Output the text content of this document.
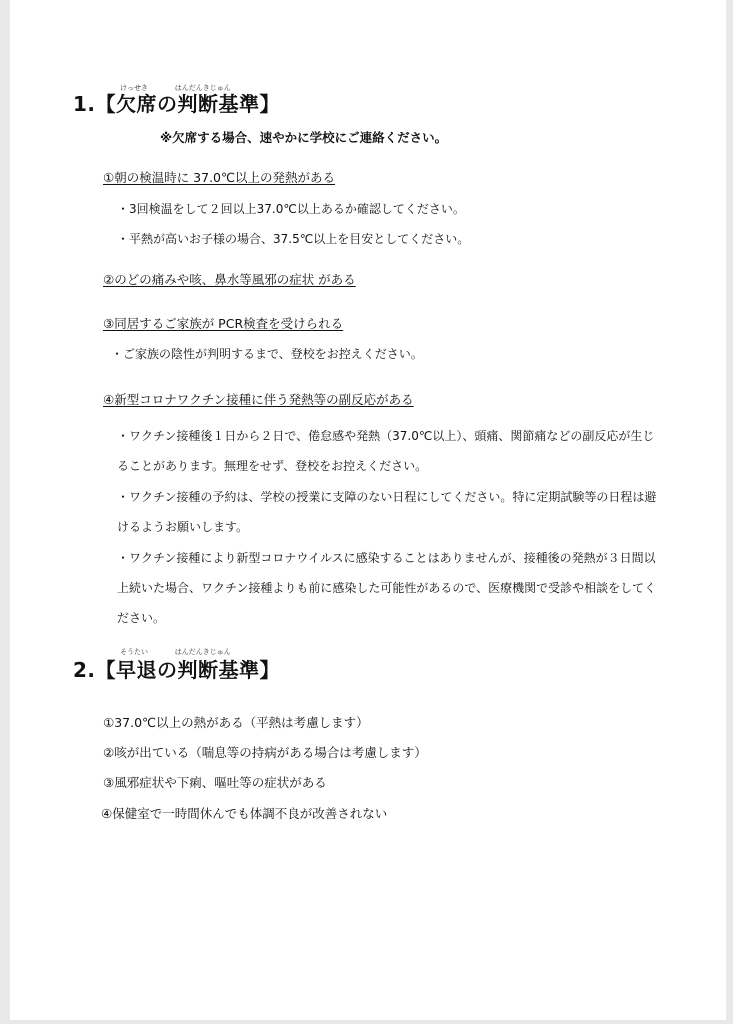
1.【欠席の判断基準】
けっせき            はんだんきじゅん
※欠席する場合、速やかに学校にご連絡ください。
①朝の検温時に 37.0℃以上の発熱がある
・3回検温をして２回以上37.0℃以上あるか確認してください。
・平熱が高いお子様の場合、37.5℃以上を目安としてください。
②のどの痛みや咳、鼻水等風邪の症状 がある
③同居するご家族が PCR検査を受けられる
・ご家族の陰性が判明するまで、登校をお控えください。
④新型コロナワクチン接種に伴う発熱等の副反応がある
・ワクチン接種後１日から２日で、倦怠感や発熱（37.0℃以上）、頭痛、関節痛などの副反応が生じることがあります。無理をせず、登校をお控えください。
・ワクチン接種の予約は、学校の授業に支障のない日程にしてください。特に定期試験等の日程は避けるようお願いします。
・ワクチン接種により新型コロナウイルスに感染することはありませんが、接種後の発熱が３日間以上続いた場合、ワクチン接種よりも前に感染した可能性があるので、医療機関で受診や相談をしてください。
そうたい            はんだんきじゅん
2.【早退の判断基準】
①37.0℃以上の熱がある（平熱は考慮します）
②咳が出ている（喘息等の持病がある場合は考慮します）
③風邪症状や下痢、嘔吐等の症状がある
④保健室で一時間休んでも体調不良が改善されない
